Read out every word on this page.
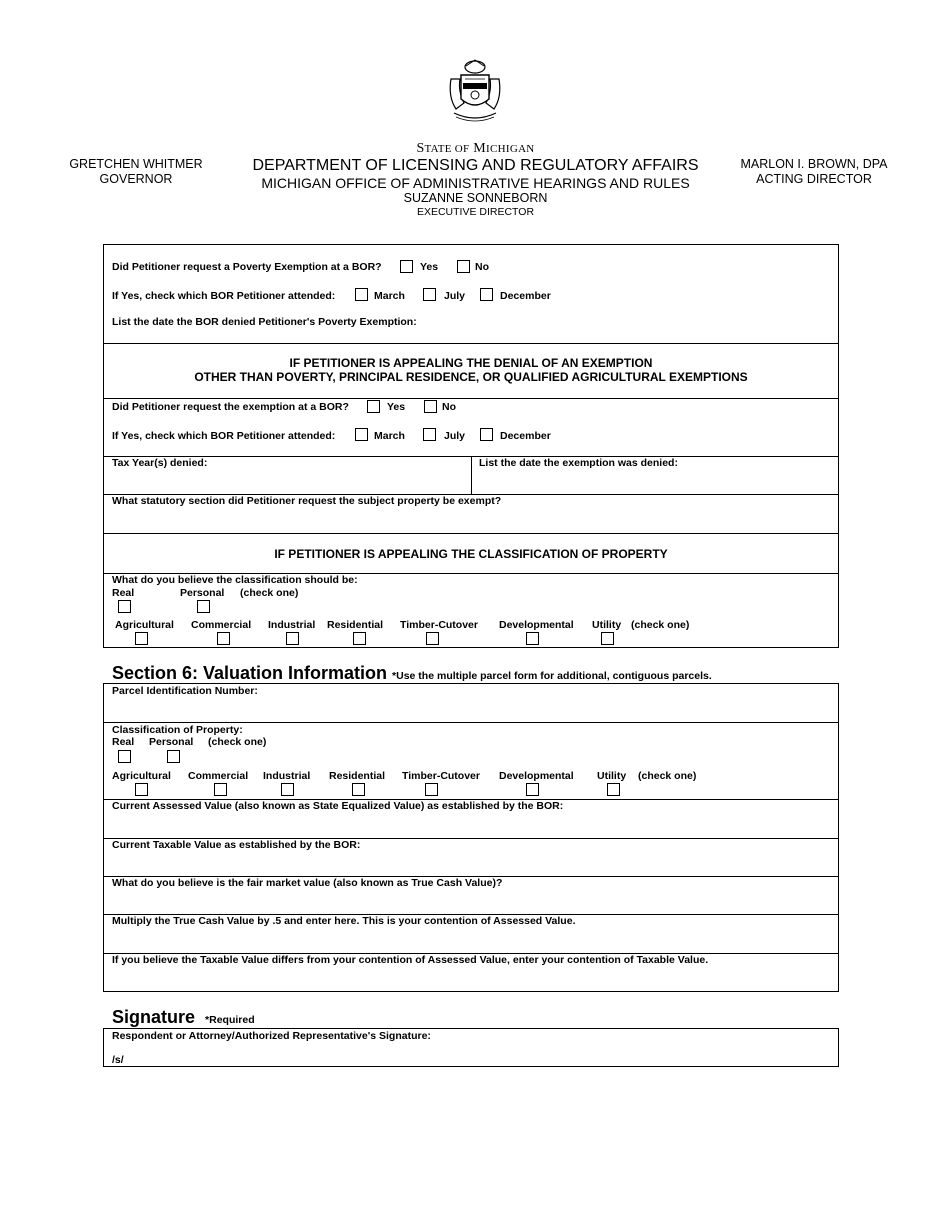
GRETCHEN WHITMER
GOVERNOR
MARLON I. BROWN, DPA
ACTING DIRECTOR
STATE OF MICHIGAN
DEPARTMENT OF LICENSING AND REGULATORY AFFAIRS
MICHIGAN OFFICE OF ADMINISTRATIVE HEARINGS AND RULES
SUZANNE SONNEBORN
EXECUTIVE DIRECTOR
Did Petitioner request a Poverty Exemption at a BOR?	Yes	No
If Yes, check which BOR Petitioner attended:	March	July	December
List the date the BOR denied Petitioner's Poverty Exemption:
IF PETITIONER IS APPEALING THE DENIAL OF AN EXEMPTION
OTHER THAN POVERTY, PRINCIPAL RESIDENCE, OR QUALIFIED AGRICULTURAL EXEMPTIONS
Did Petitioner request the exemption at a BOR?	Yes	No
If Yes, check which BOR Petitioner attended:	March	July	December
Tax Year(s) denied:	List the date the exemption was denied:
What statutory section did Petitioner request the subject property be exempt?
IF PETITIONER IS APPEALING THE CLASSIFICATION OF PROPERTY
What do you believe the classification should be:
Real	Personal (check one)
Agricultural Commercial Industrial Residential Timber-Cutover Developmental Utility (check one)
Section 6: Valuation Information *Use the multiple parcel form for additional, contiguous parcels.
Parcel Identification Number:
Classification of Property:
Real Personal (check one)
Agricultural Commercial Industrial Residential Timber-Cutover Developmental Utility (check one)
Current Assessed Value (also known as State Equalized Value) as established by the BOR:
Current Taxable Value as established by the BOR:
What do you believe is the fair market value (also known as True Cash Value)?
Multiply the True Cash Value by .5 and enter here. This is your contention of Assessed Value.
If you believe the Taxable Value differs from your contention of Assessed Value, enter your contention of Taxable Value.
Signature *Required
Respondent or Attorney/Authorized Representative's Signature:
/s/
